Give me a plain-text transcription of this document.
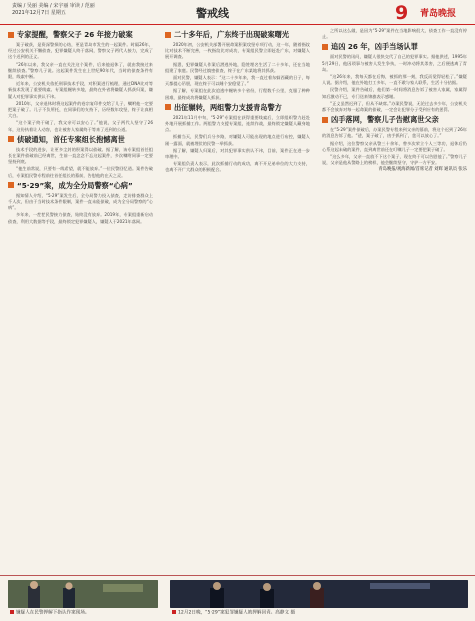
责编 / 吴丽 美编 / 宋宇丽 审读 / 范丽
2021年12月7日 星期五	警戒线	9 青岛晚报
专家提醒，警察父子 26 年接力破案
案子破获，是资深警探的心结，更是青岛市发生的一起案件。时隔26年，经过公安机关不懈侦查，犯罪嫌疑人终于落网，警察父子两代人接力，完成了这个迟到的正义。
“26年以来，我父亲一直在关注这个案件，后来他退休了，就由我接过来继续侦查。”警察儿子说。这起案件发生在上世纪90年代，当时的侦查条件有限，线索中断。
近年来，公安机关依托刑事技术手段，对积案进行梳理，通过DNA比对等新技术发现了重要线索。专案组辗转多地，最终在外省将嫌疑人抓获归案，嫌疑人对犯罪事实供认不讳。
2010年，父亲退休时将这起案件的卷宗复印件交给了儿子，嘱咐他一定要把案子破了。儿子不负所托，在同事们的支持下，历经数年攻坚，终于让真相大白。
“这个案子终于破了，我父亲可以安心了。”他说，父子两代人坚守了26年，这份执着让人动容，也让被害人家属终于等来了迟到的公道。
侦破通知，首任专案组长抱憾离世
技术手段的进步，让更多尘封的积案得以侦破。据了解，该专案组首任组长在案件侦破前已经离世，生前一直念念不忘这起案件，多次嘱咐同事一定要坚持到底。
“他生前常说，只要有一线希望，就不能放弃。”一位民警回忆道。案件告破后，专案组民警专程前往首任组长的墓前，告慰他的在天之灵。
“5·29”案，成为全分局警察“心病”
据知情人介绍，“5·29”案发生后，全分局警力投入侦查，走访排查群众上千人次，但由于当时技术条件限制，案件一直未能侦破，成为全分局警察的“心病”。
多年来，一茬茬民警接力侦查，始终没有放弃。2019年，专案组重新启动侦查，利用大数据等手段，最终锁定犯罪嫌疑人，嫌疑人于2021年落网。
二十多年后，广东终于出现破案曙光
2020年初，公安机关部署开展命案积案攻坚专项行动，这一年，随着指纹比对技术不断完善，一枚指纹比对成功，专案组民警立即赶赴广东，对嫌疑人展开调查。
据悉，犯罪嫌疑人作案后潜逃外地，隐姓埋名生活了二十多年，还在当地组建了家庭。民警经过缜密侦查，终于在广东某地将其抓获。
面对民警，嫌疑人表示：“这二十多年来，我一直过着东躲西藏的日子，每天都提心吊胆，现在终于可以睡个安稳觉了。”
据了解，专案组在此次追逃中辗转多个省份，行程数千公里，克服了种种困难，最终成功将嫌疑人抓获。
出征辗转，两组警力支援青岛警方
2021年11月中旬，“5·29”专案组在获得重要线索后，立即组织警力赶赴外地开展抓捕工作。两组警力支援专案组，连续作战，最终锁定嫌疑人藏身地点。
抓捕当天，民警们兵分多路，对嫌疑人可能出现的地点进行布控，嫌疑人刚一露面，就被埋伏的民警一举抓获。
据了解，嫌疑人归案后，对其犯罪事实供认不讳，目前，案件正在进一步审理中。
专案组负责人表示，此次抓捕行动的成功，离不开兄弟单位的大力支持，也离不开广大群众的积极配合。
之所以这么做，是因为“5·29”案件在当地影响很大，侦查工作一直没有停止。
追凶 26 年，凶手当场认罪
面对民警的讯问，嫌疑人很快交代了自己的犯罪事实。据他供述，1995年5月29日，他因琐事与被害人发生争执，一时冲动将其杀害，之后便逃离了青岛。
“这26年来，我每天都在后悔，被抓的那一刻，我反而觉得轻松了。”嫌疑人说。据介绍，他在外地打工多年，一直不敢与家人联系，生活十分拮据。
民警介绍，案件告破后，他们第一时间将消息告诉了被害人家属，家属得知后激动不已，专门送来锦旗表示感谢。
“正义虽然迟到了，但从不缺席。”办案民警说，无论过去多少年，公安机关都不会放弃对每一起命案的侦破，一定会让犯罪分子受到应有的惩罚。
凶手落网，警察儿子告慰离世父亲
在“5·29”案件侦破后，办案民警专程来到父亲的墓前，将这个迟到了26年的消息告诉了他。“爸，案子破了，凶手抓到了，您可以放心了。”
据介绍，这位警察父亲从警三十余年，曾多次荣立个人三等功，退休后仍心系这起未破的案件，直到离世前还在叮嘱儿子一定要把案子破了。
“这么多年，父亲一直放不下这个案子，现在终于可以告慰他了。”警察儿子说，父亲是他从警路上的榜样，他会继续坚守，守护一方平安。
青岛晚报/观海新闻/首席记者 刘辉 通讯员 张乐
嫌疑人在民警押解下指认作案现场。	12月2日晚，“5·29”案犯罪嫌疑人被押解回青。高静文 摄
